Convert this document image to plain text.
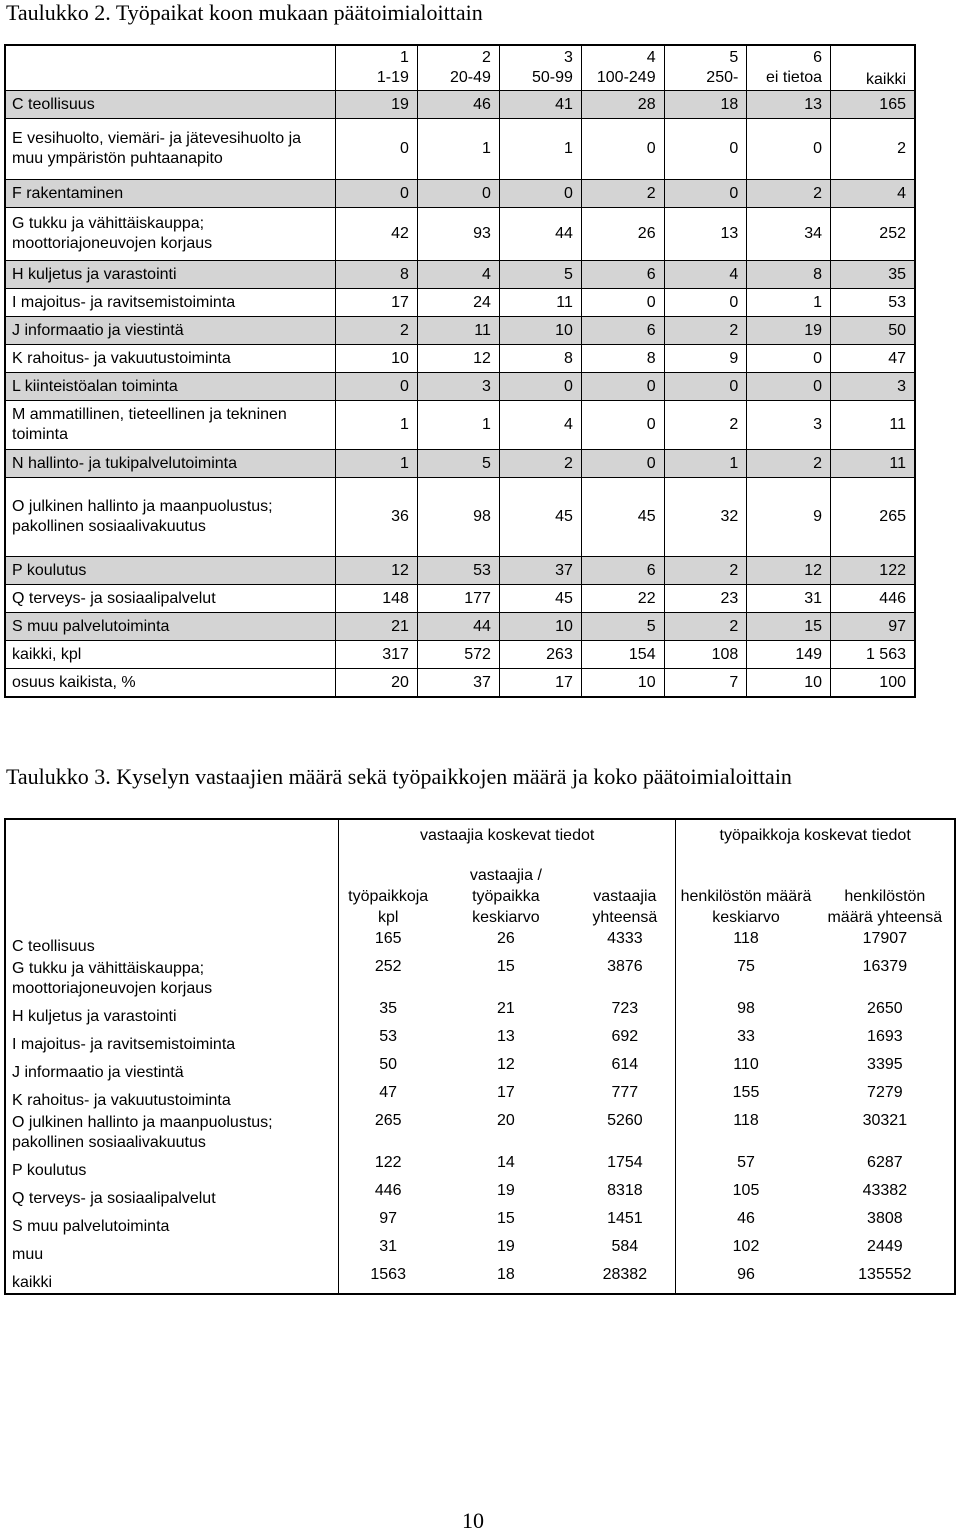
Taulukko 2. Työpaikat koon mukaan päätoimialoittain
	1	2	3	4	5	6	kaikki
	1-19	20-49	50-99	100-249	250-	ei tietoa	
C teollisuus	19	46	41	28	18	13	165
E vesihuolto, viemäri- ja jätevesihuolto ja muu ympäristön puhtaanapito	0	1	1	0	0	0	2
F rakentaminen	0	0	0	2	0	2	4
G tukku ja vähittäiskauppa; moottoriajoneuvojen korjaus	42	93	44	26	13	34	252
H kuljetus ja varastointi	8	4	5	6	4	8	35
I majoitus- ja ravitsemistoiminta	17	24	11	0	0	1	53
J informaatio ja viestintä	2	11	10	6	2	19	50
K rahoitus- ja vakuutustoiminta	10	12	8	8	9	0	47
L kiinteistöalan toiminta	0	3	0	0	0	0	3
M ammatillinen, tieteellinen ja tekninen toiminta	1	1	4	0	2	3	11
N hallinto- ja tukipalvelutoiminta	1	5	2	0	1	2	11
O julkinen hallinto ja maanpuolustus; pakollinen sosiaalivakuutus	36	98	45	45	32	9	265
P koulutus	12	53	37	6	2	12	122
Q terveys- ja sosiaalipalvelut	148	177	45	22	23	31	446
S muu palvelutoiminta	21	44	10	5	2	15	97
kaikki, kpl	317	572	263	154	108	149	1 563
osuus kaikista, %	20	37	17	10	7	10	100
Taulukko 3. Kyselyn vastaajien määrä sekä työpaikkojen määrä ja koko päätoimialoittain
	vastaajia koskevat tiedot			työpaikkoja koskevat tiedot	
	työpaikkoja kpl	vastaajia / työpaikka keskiarvo	vastaajia yhteensä	henkilöstön määrä keskiarvo	henkilöstön määrä yhteensä
C teollisuus	165	26	4333	118	17907
G tukku ja vähittäiskauppa; moottoriajoneuvojen korjaus	252	15	3876	75	16379
H kuljetus ja varastointi	35	21	723	98	2650
I majoitus- ja ravitsemistoiminta	53	13	692	33	1693
J informaatio ja viestintä	50	12	614	110	3395
K rahoitus- ja vakuutustoiminta	47	17	777	155	7279
O julkinen hallinto ja maanpuolustus; pakollinen sosiaalivakuutus	265	20	5260	118	30321
P koulutus	122	14	1754	57	6287
Q terveys- ja sosiaalipalvelut	446	19	8318	105	43382
S muu palvelutoiminta	97	15	1451	46	3808
muu	31	19	584	102	2449
kaikki	1563	18	28382	96	135552
10
